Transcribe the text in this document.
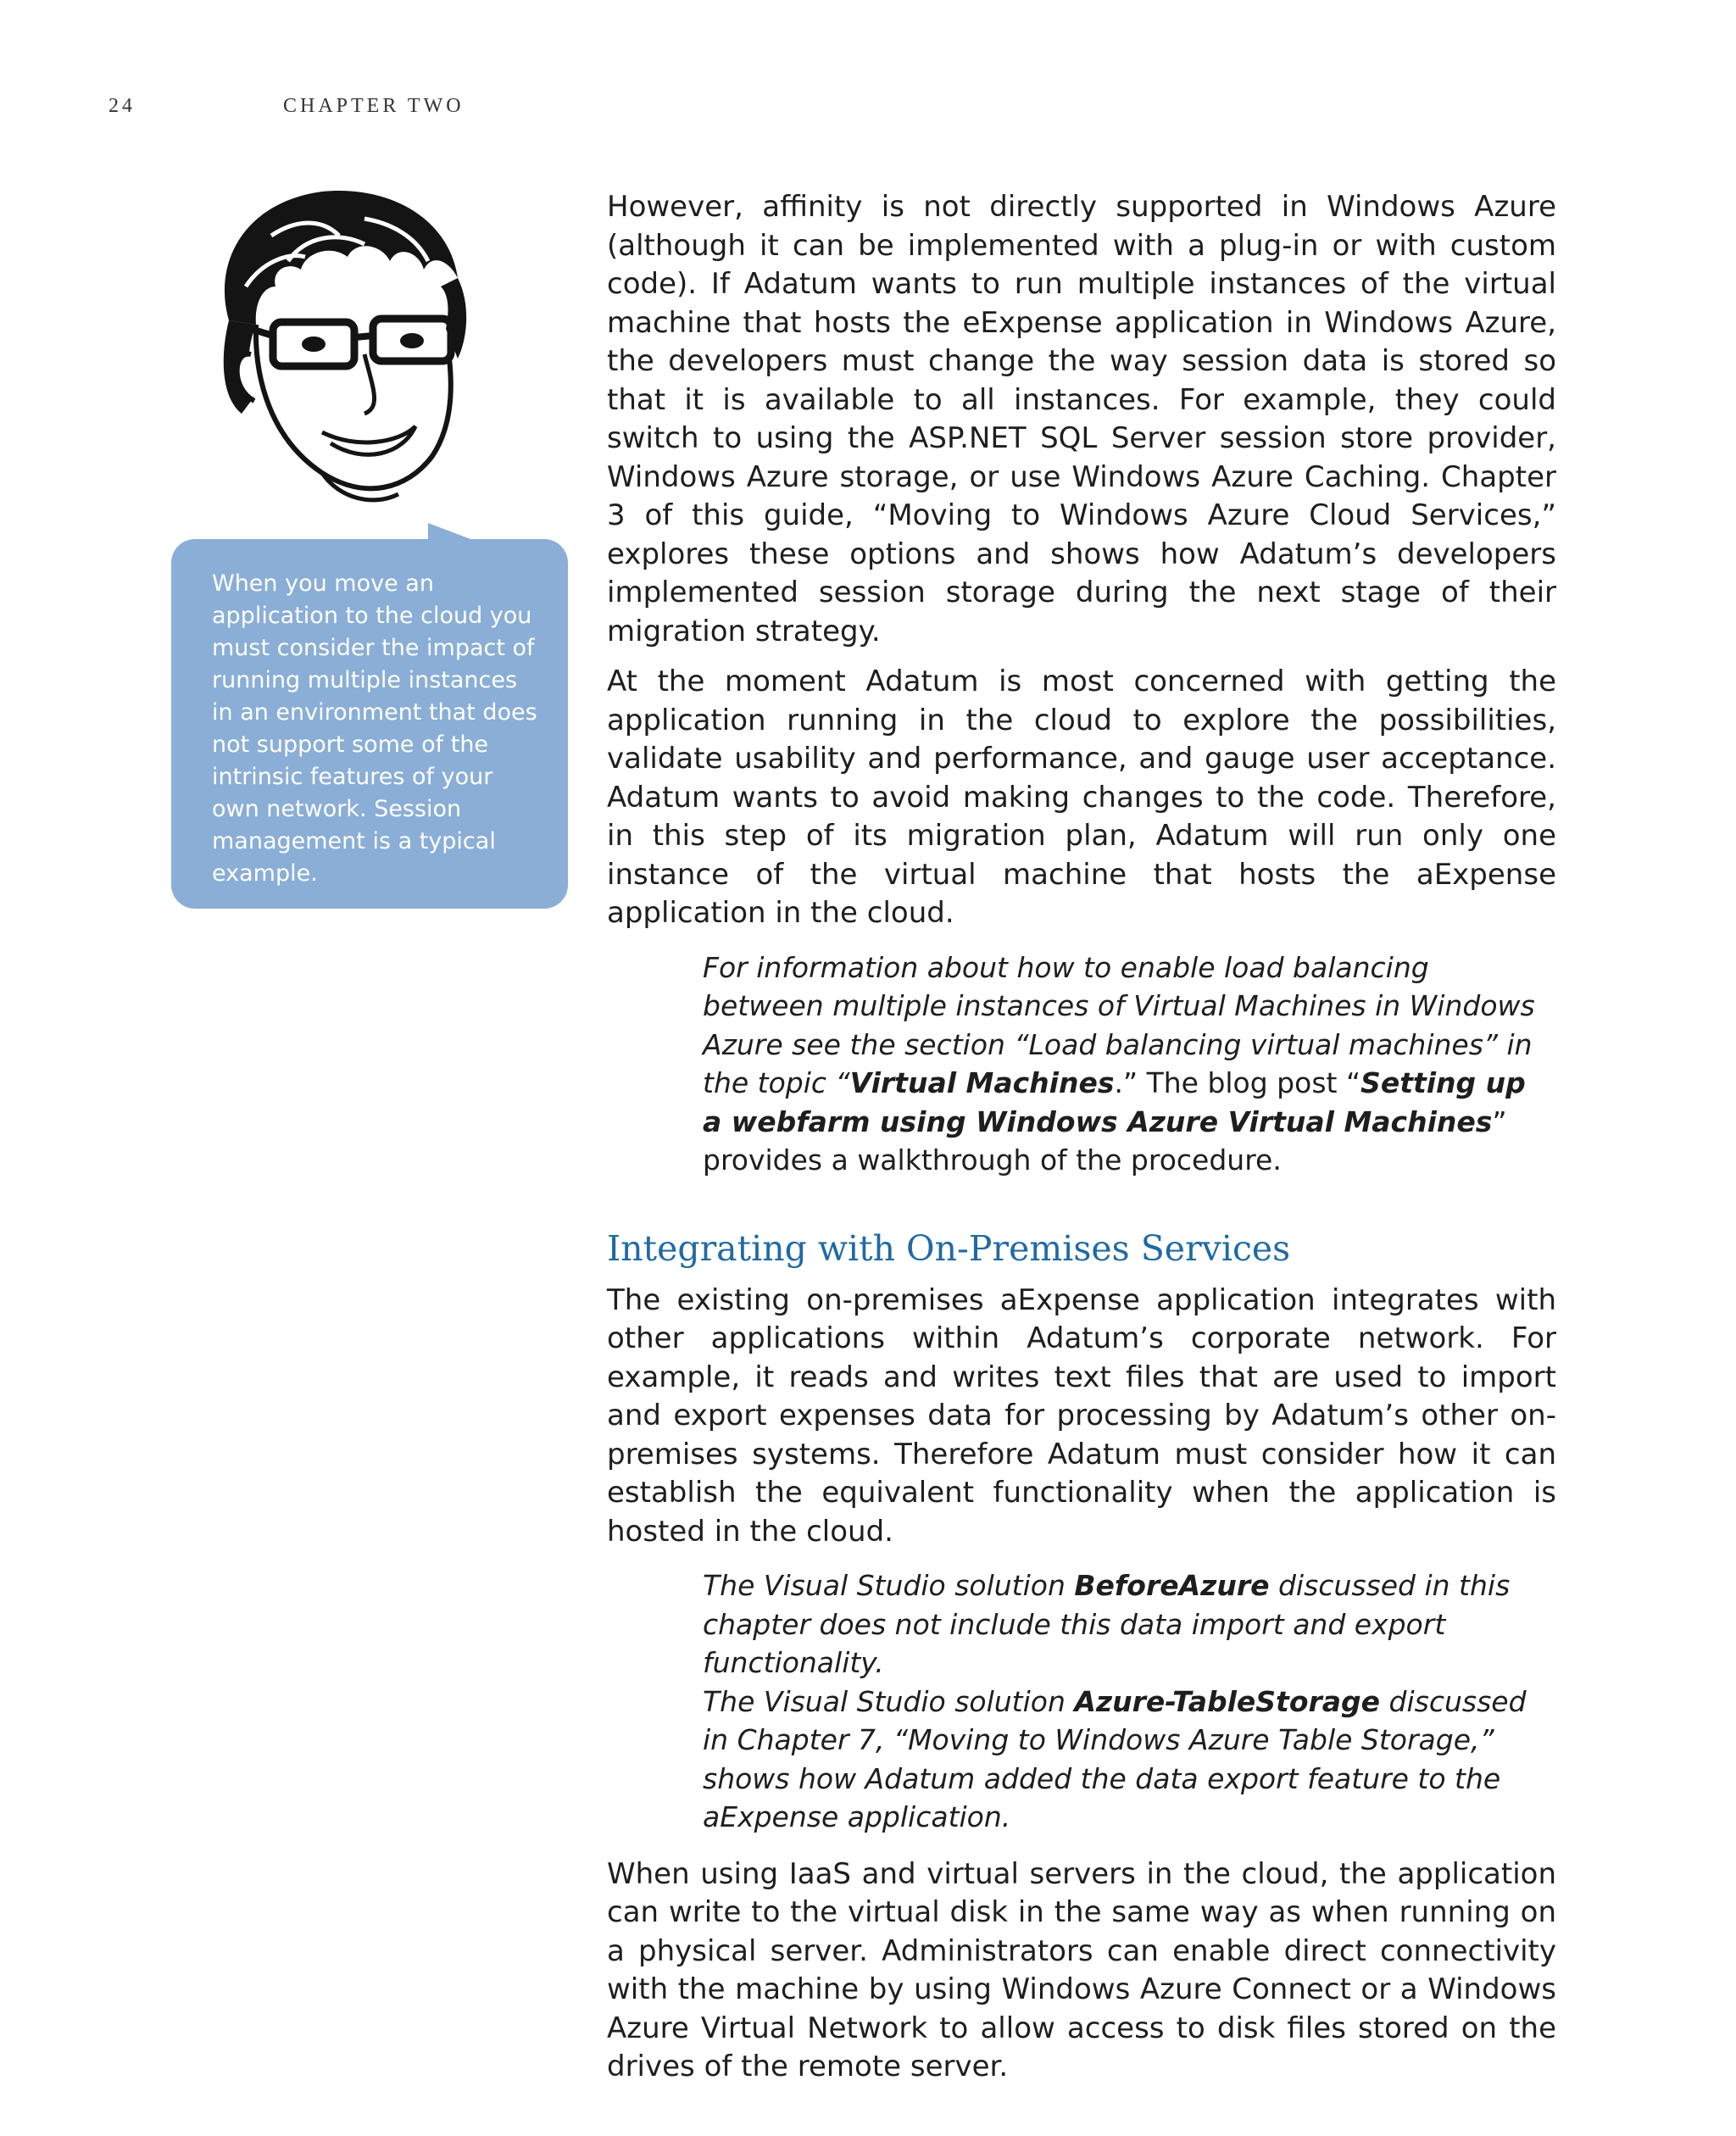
24	CHAPTER TWO
When you move an application to the cloud you must consider the impact of running multiple instances in an environment that does not support some of the intrinsic features of your own network. Session management is a typical example.

However, affinity is not directly supported in Windows Azure (although it can be implemented with a plug-in or with custom code). If Adatum wants to run multiple instances of the virtual machine that hosts the eExpense application in Windows Azure, the developers must change the way session data is stored so that it is available to all instances. For example, they could switch to using the ASP.NET SQL Server session store provider, Windows Azure storage, or use Windows Azure Caching. Chapter 3 of this guide, “Moving to Windows Azure Cloud Services,” explores these options and shows how Adatum’s developers implemented session storage during the next stage of their migration strategy.

At the moment Adatum is most concerned with getting the application running in the cloud to explore the possibilities, validate usability and performance, and gauge user acceptance. Adatum wants to avoid making changes to the code. Therefore, in this step of its migration plan, Adatum will run only one instance of the virtual machine that hosts the aExpense application in the cloud.

For information about how to enable load balancing between multiple instances of Virtual Machines in Windows Azure see the section “Load balancing virtual machines” in the topic “Virtual Machines.” The blog post “Setting up a webfarm using Windows Azure Virtual Machines” provides a walkthrough of the procedure.
Integrating with On-Premises Services

The existing on-premises aExpense application integrates with other applications within Adatum’s corporate network. For example, it reads and writes text files that are used to import and export expenses data for processing by Adatum’s other on-premises systems. Therefore Adatum must consider how it can establish the equivalent functionality when the application is hosted in the cloud.

The Visual Studio solution BeforeAzure discussed in this chapter does not include this data import and export functionality.
The Visual Studio solution Azure-TableStorage discussed in Chapter 7, “Moving to Windows Azure Table Storage,” shows how Adatum added the data export feature to the aExpense application.

When using IaaS and virtual servers in the cloud, the application can write to the virtual disk in the same way as when running on a physical server. Administrators can enable direct connectivity with the machine by using Windows Azure Connect or a Windows Azure Virtual Network to allow access to disk files stored on the drives of the remote server.
